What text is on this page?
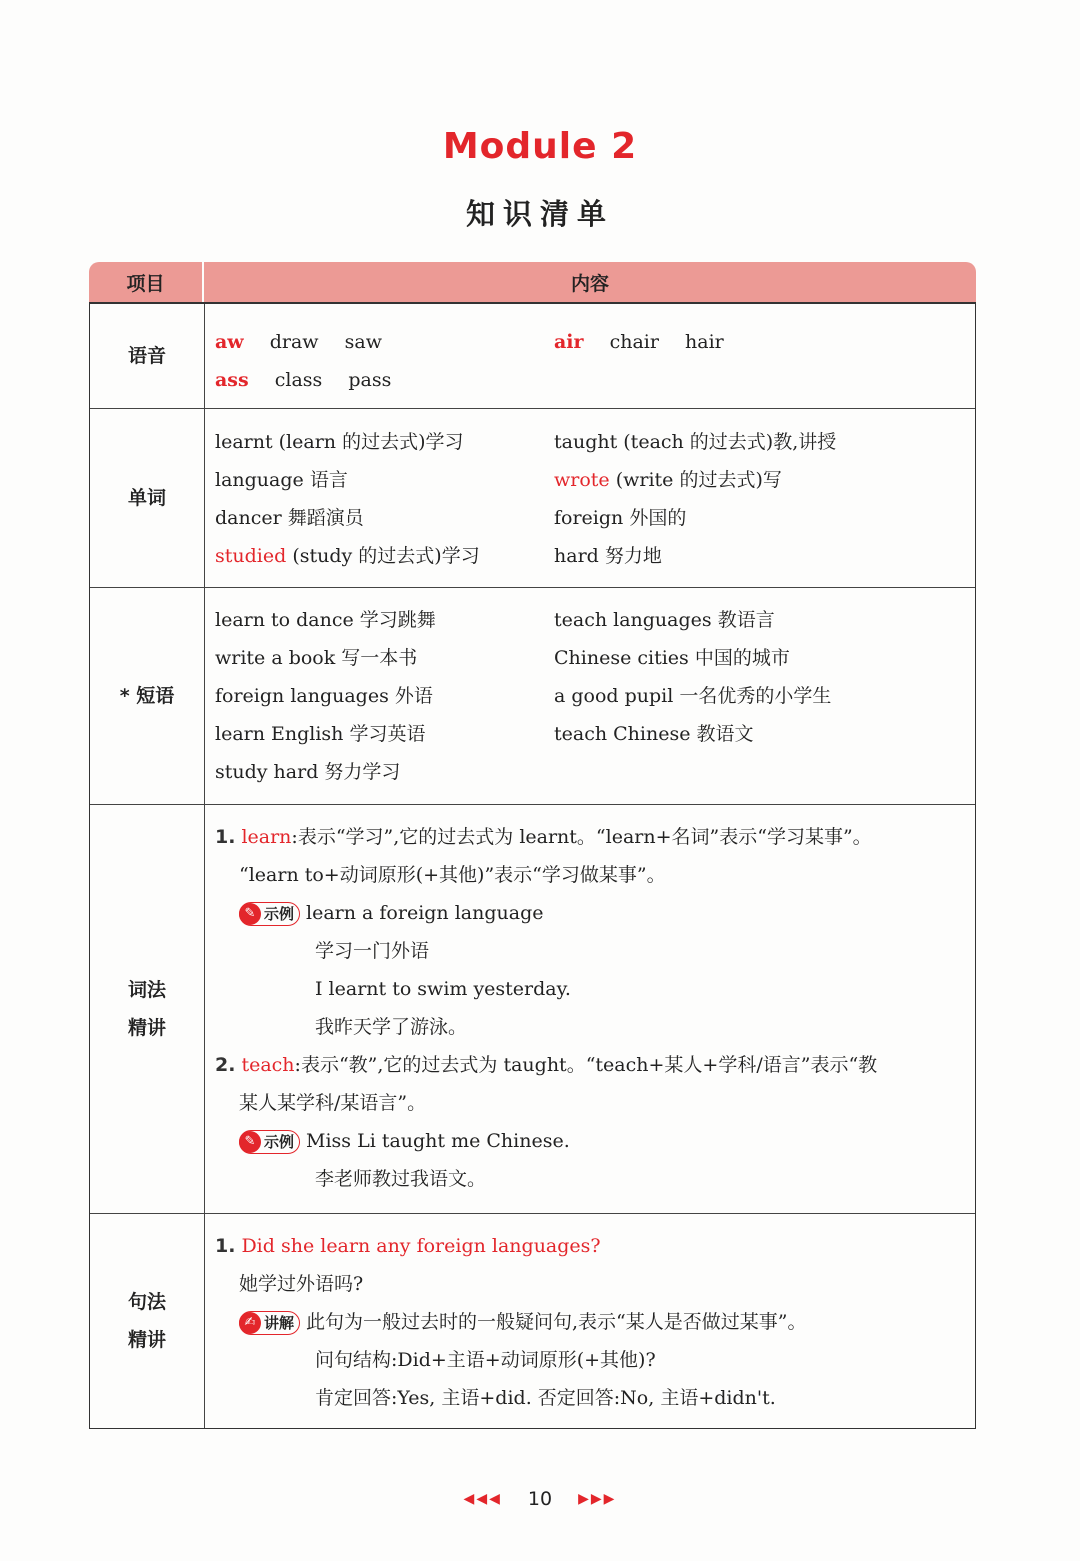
Module 2
知识清单
项目	内容
语音
aw draw saw	air chair hair
ass class pass
单词
learnt (learn 的过去式)学习	taught (teach 的过去式)教,讲授
language 语言	wrote (write 的过去式)写
dancer 舞蹈演员	foreign 外国的
studied (study 的过去式)学习	hard 努力地
* 短语
learn to dance 学习跳舞	teach languages 教语言
write a book 写一本书	Chinese cities 中国的城市
foreign languages 外语	a good pupil 一名优秀的小学生
learn English 学习英语	teach Chinese 教语文
study hard 努力学习
词法
精讲
1. learn:表示“学习”,它的过去式为 learnt。“learn+名词”表示“学习某事”。
“learn to+动词原形(+其他)”表示“学习做某事”。
✎ 示例 learn a foreign language
学习一门外语
I learnt to swim yesterday.
我昨天学了游泳。
2. teach:表示“教”,它的过去式为 taught。“teach+某人+学科/语言”表示“教
某人某学科/某语言”。
✎ 示例 Miss Li taught me Chinese.
李老师教过我语文。
句法
精讲
1. Did she learn any foreign languages?
她学过外语吗?
✍ 讲解 此句为一般过去时的一般疑问句,表示“某人是否做过某事”。
问句结构:Did+主语+动词原形(+其他)?
肯定回答:Yes, 主语+did. 否定回答:No, 主语+didn't.
◀◀◀ 10 ▶▶▶
